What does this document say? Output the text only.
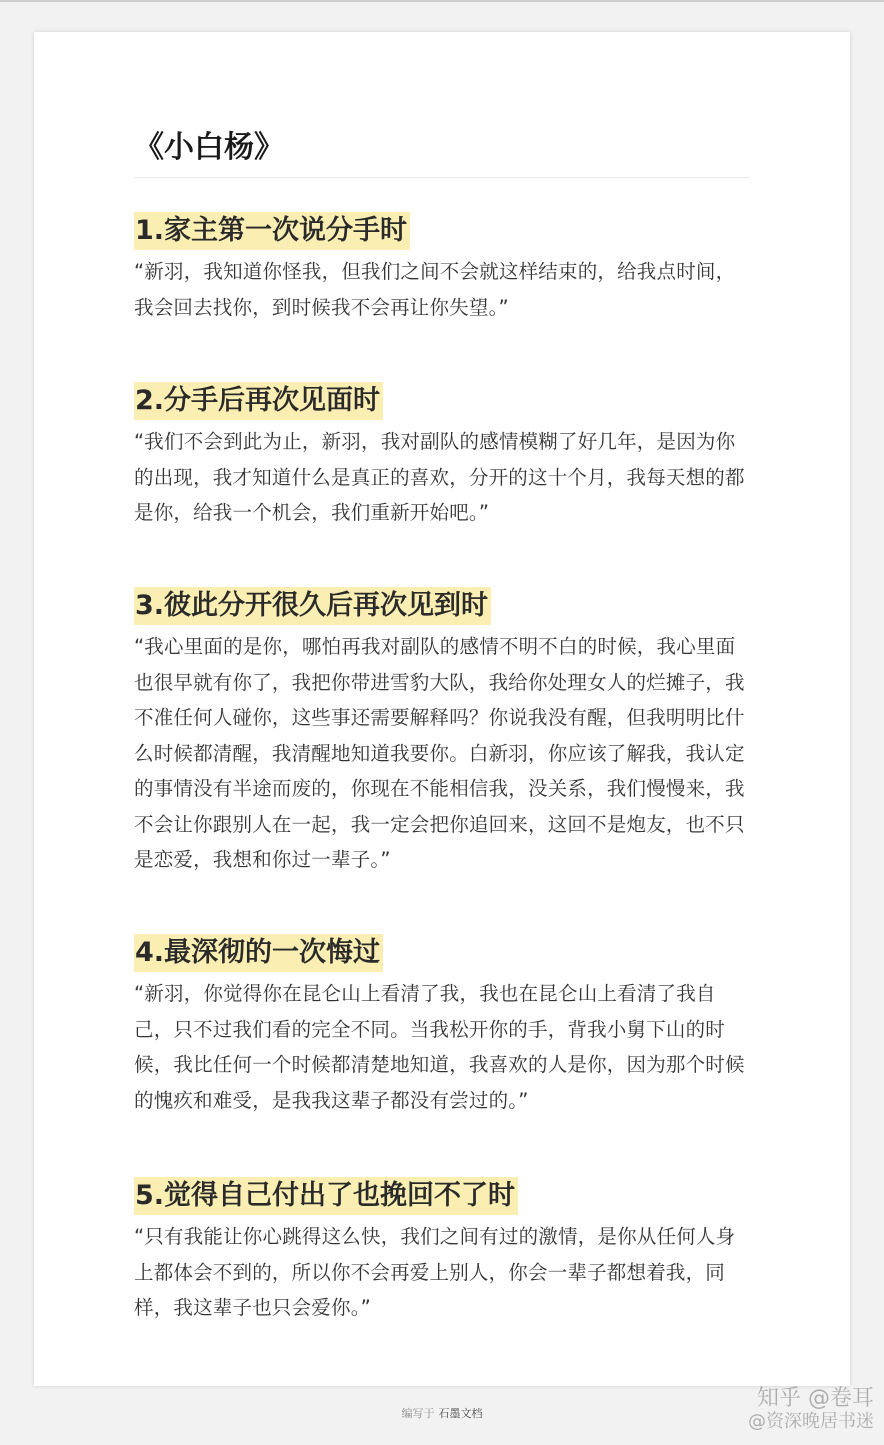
《小白杨》
1.家主第一次说分手时

“新羽，我知道你怪我，但我们之间不会就这样结束的，给我点时间，我会回去找你，到时候我不会再让你失望。”

2.分手后再次见面时

“我们不会到此为止，新羽，我对副队的感情模糊了好几年，是因为你的出现，我才知道什么是真正的喜欢，分开的这十个月，我每天想的都是你，给我一个机会，我们重新开始吧。”

3.彼此分开很久后再次见到时

“我心里面的是你，哪怕再我对副队的感情不明不白的时候，我心里面也很早就有你了，我把你带进雪豹大队，我给你处理女人的烂摊子，我不准任何人碰你，这些事还需要解释吗？你说我没有醒，但我明明比什么时候都清醒，我清醒地知道我要你。白新羽，你应该了解我，我认定的事情没有半途而废的，你现在不能相信我，没关系，我们慢慢来，我不会让你跟别人在一起，我一定会把你追回来，这回不是炮友，也不只是恋爱，我想和你过一辈子。”

4.最深彻的一次悔过

“新羽，你觉得你在昆仑山上看清了我，我也在昆仑山上看清了我自己，只不过我们看的完全不同。当我松开你的手，背我小舅下山的时候，我比任何一个时候都清楚地知道，我喜欢的人是你，因为那个时候的愧疚和难受，是我我这辈子都没有尝过的。”

5.觉得自己付出了也挽回不了时

“只有我能让你心跳得这么快，我们之间有过的激情，是你从任何人身上都体会不到的，所以你不会再爱上别人，你会一辈子都想着我，同样，我这辈子也只会爱你。”

编写于 石墨文档
知乎 @卷耳
@资深晚居书迷
